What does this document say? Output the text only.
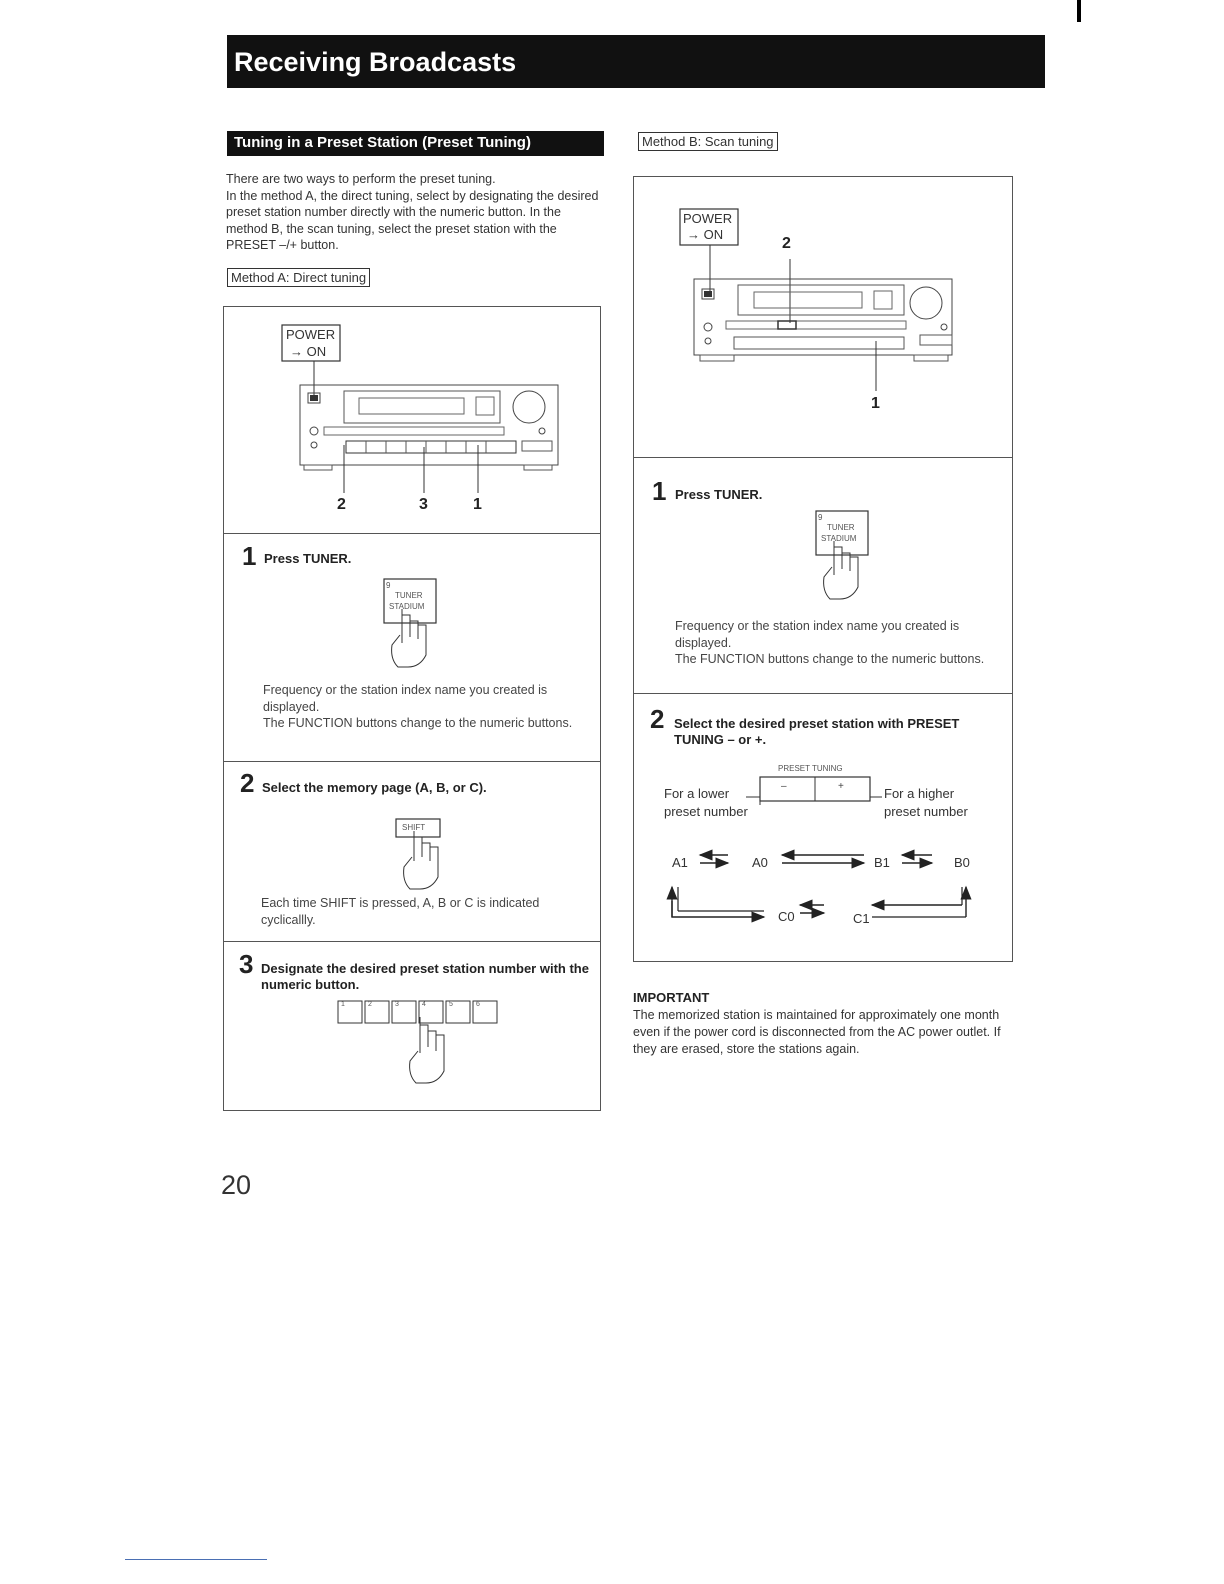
Receiving Broadcasts
Tuning in a Preset Station (Preset Tuning)
There are two ways to perform the preset tuning.
In the method A, the direct tuning, select by designating the desired preset station number directly with the numeric button. In the method B, the scan tuning, select the preset station with the PRESET –/+ button.
Method A: Direct tuning
Method B: Scan tuning
POWER
→ ON
2	3	1
1 Press TUNER.
9
TUNER
STADIUM
Frequency or the station index name you created is displayed.
The FUNCTION buttons change to the numeric buttons.
2 Select the memory page (A, B, or C).
SHIFT
Each time SHIFT is pressed, A, B or C is indicated cyclicallly.
3 Designate the desired preset station number with the numeric button.
1	2	3	4	5	6
POWER
→ ON
2
1
1 Press TUNER.
9
TUNER
STADIUM
Frequency or the station index name you created is displayed.
The FUNCTION buttons change to the numeric buttons.
2 Select the desired preset station with PRESET TUNING – or +.
PRESET TUNING
–	+
For a lower
preset number
For a higher
preset number
A1	A0	B1	B0
C0	C1
IMPORTANT
The memorized station is maintained for approximately one month even if the power cord is disconnected from the AC power outlet. If they are erased, store the stations again.
20
